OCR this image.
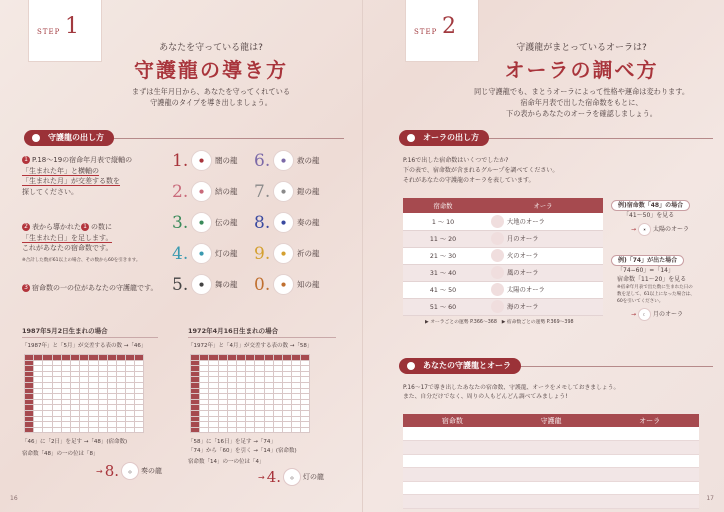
STEP 1
あなたを守っている龍は?
守護龍の導き方
まずは生年月日から、あなたを守ってくれている
守護龍のタイプを導き出しましょう。
守護龍の出し方
1 P.18〜19の宿命年月表で縦軸の
「生まれた年」と横軸の
「生まれた月」が交差する数を
探してください。
2 表から導かれた 1 の数に
「生まれた日」を足します。
これがあなたの宿命数です。
※合計した数が61以上の場合、その数から60を引きます。
3 宿命数の一の位があなたの守護龍です。
1.	●	闇の龍 6.	●	救の龍
2.	●	結の龍 7.	●	鎧の龍
3.	●	伝の龍 8.	●	奏の龍
4.	●	灯の龍 9.	●	祈の龍
5.	●	舞の龍 0.	●	知の龍
1987年5月2日生まれの場合
「1987年」と「5月」が交差する表の数 →「46」

「46」に「2日」を足す →「48」(宿命数)
宿命数「48」の一の位は「8」
→ 8.	◎	奏の龍
1972年4月16日生まれの場合
「1972年」と「4月」が交差する表の数 →「58」

「58」に「16日」を足す →「74」
「74」から「60」を引く →「14」(宿命数)
宿命数「14」の一の位は「4」
→ 4.	◎	灯の龍
16
STEP 2
守護龍がまとっているオーラは?
オーラの調べ方
同じ守護龍でも、まとうオーラによって性格や運命は変わります。
宿命年月表で出した宿命数をもとに、
下の表からあなたのオーラを確認しましょう。
オーラの出し方
P.16で出した宿命数はいくつでしたか?
下の表で、宿命数が含まれるグループを調べてください。
それがあなたの守護龍のオーラを表しています。
宿命数	オーラ
1 〜 10	大地のオーラ
11 〜 20	月のオーラ
21 〜 30	火のオーラ
31 〜 40	風のオーラ
41 〜 50	太陽のオーラ
51 〜 60	海のオーラ
▶ オーラごとの運勢 P.366〜368　▶ 宿命数ごとの運勢 P.369〜398
例)宿命数「48」の場合
「41〜50」を見る
→	☀	太陽のオーラ
例)「74」が出た場合
「74−60」=「14」
宿命数「11〜20」を見る
※宿命年月表で出た数に生まれた日の
数を足して、61以上になった場合は、
60を引いてください。
→	☾	月のオーラ
あなたの守護龍とオーラ
P.16〜17で導き出したあなたの宿命数、守護龍、オーラをメモしておきましょう。
また、自分だけでなく、周りの人もどんどん調べてみましょう!
宿命数	守護龍	オーラ

17
